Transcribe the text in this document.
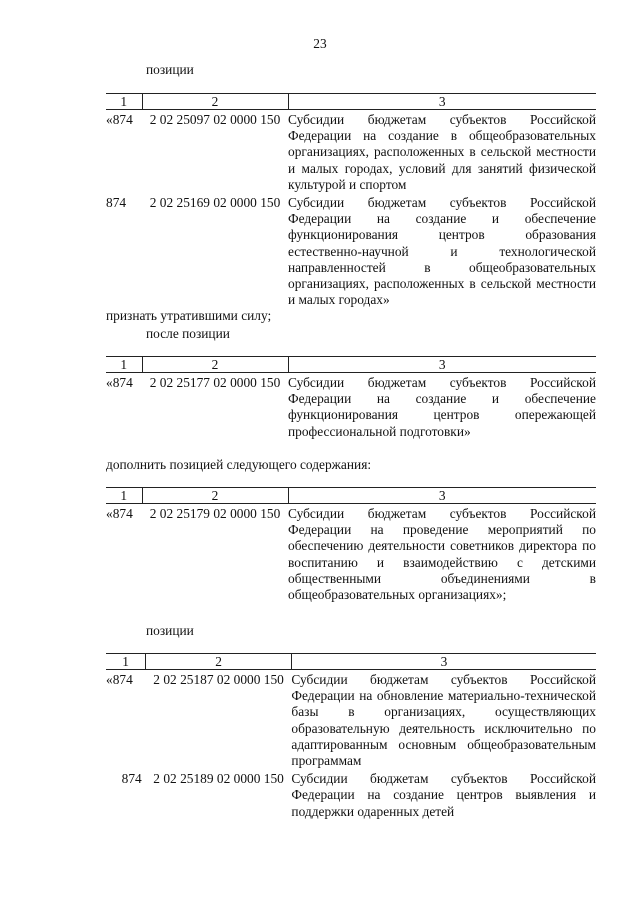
23
позиции
1	2	3
«874	2 02 25097 02 0000 150	Субсидии бюджетам субъектов Российской Федерации на создание в общеобразовательных организациях, расположенных в сельской местности и малых городах, условий для занятий физической культурой и спортом
874	2 02 25169 02 0000 150	Субсидии бюджетам субъектов Российской Федерации на создание и обеспечение функционирования центров образования естественно-научной и технологической направленностей в общеобразовательных организациях, расположенных в сельской местности и малых городах»
признать утратившими силу;
после позиции
1	2	3
«874	2 02 25177 02 0000 150	Субсидии бюджетам субъектов Российской Федерации на создание и обеспечение функционирования центров опережающей профессиональной подготовки»
дополнить позицией следующего содержания:
1	2	3
«874	2 02 25179 02 0000 150	Субсидии бюджетам субъектов Российской Федерации на проведение мероприятий по обеспечению деятельности советников директора по воспитанию и взаимодействию с детскими общественными объединениями в общеобразовательных организациях»;
позиции
1	2	3
«874	2 02 25187 02 0000 150	Субсидии бюджетам субъектов Российской Федерации на обновление материально-технической базы в организациях, осуществляющих образовательную деятельность исключительно по адаптированным основным общеобразовательным программам
874	2 02 25189 02 0000 150	Субсидии бюджетам субъектов Российской Федерации на создание центров выявления и поддержки одаренных детей
